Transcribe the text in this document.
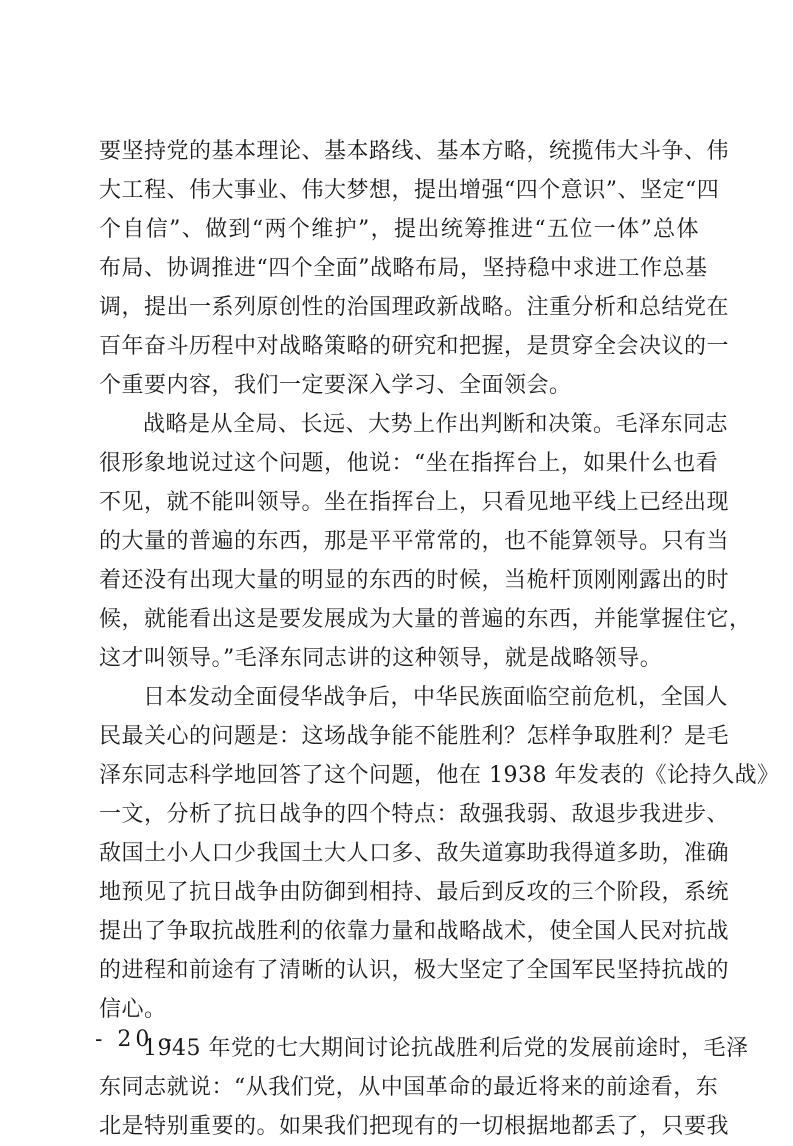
要坚持党的基本理论、基本路线、基本方略，统揽伟大斗争、伟
大工程、伟大事业、伟大梦想，提出增强“四个意识”、坚定“四
个自信”、做到“两个维护”，提出统筹推进“五位一体”总体
布局、协调推进“四个全面”战略布局，坚持稳中求进工作总基
调，提出一系列原创性的治国理政新战略。注重分析和总结党在
百年奋斗历程中对战略策略的研究和把握，是贯穿全会决议的一
个重要内容，我们一定要深入学习、全面领会。
战略是从全局、长远、大势上作出判断和决策。毛泽东同志
很形象地说过这个问题，他说：“坐在指挥台上，如果什么也看
不见，就不能叫领导。坐在指挥台上，只看见地平线上已经出现
的大量的普遍的东西，那是平平常常的，也不能算领导。只有当
着还没有出现大量的明显的东西的时候，当桅杆顶刚刚露出的时
候，就能看出这是要发展成为大量的普遍的东西，并能掌握住它，
这才叫领导。”毛泽东同志讲的这种领导，就是战略领导。
日本发动全面侵华战争后，中华民族面临空前危机，全国人
民最关心的问题是：这场战争能不能胜利？怎样争取胜利？是毛
泽东同志科学地回答了这个问题，他在 1938 年发表的《论持久战》
一文，分析了抗日战争的四个特点：敌强我弱、敌退步我进步、
敌国土小人口少我国土大人口多、敌失道寡助我得道多助，准确
地预见了抗日战争由防御到相持、最后到反攻的三个阶段，系统
提出了争取抗战胜利的依靠力量和战略战术，使全国人民对抗战
的进程和前途有了清晰的认识，极大坚定了全国军民坚持抗战的
信心。
1945 年党的七大期间讨论抗战胜利后党的发展前途时，毛泽
东同志就说：“从我们党，从中国革命的最近将来的前途看，东
北是特别重要的。如果我们把现有的一切根据地都丢了，只要我
- 20 -
